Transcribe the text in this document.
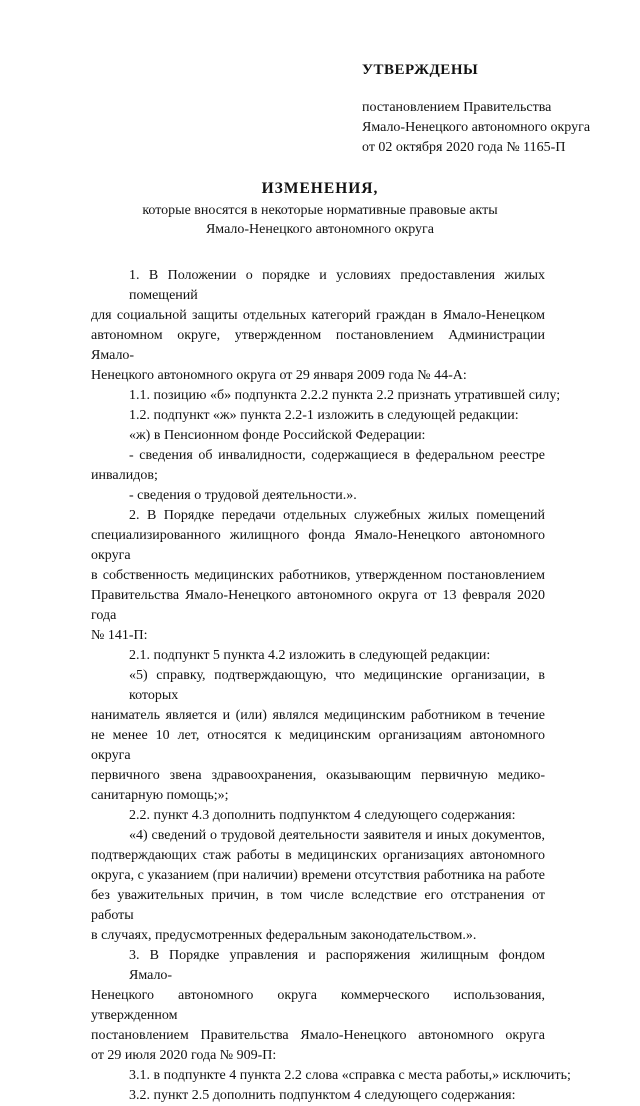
УТВЕРЖДЕНЫ
постановлением Правительства
Ямало-Ненецкого автономного округа
от 02 октября 2020 года № 1165-П
ИЗМЕНЕНИЯ,
которые вносятся в некоторые нормативные правовые акты
Ямало-Ненецкого автономного округа
1. В Положении о порядке и условиях предоставления жилых помещений
для социальной защиты отдельных категорий граждан в Ямало-Ненецком
автономном округе, утвержденном постановлением Администрации Ямало-
Ненецкого автономного округа от 29 января 2009 года № 44-А:
1.1. позицию «б» подпункта 2.2.2 пункта 2.2 признать утратившей силу;
1.2. подпункт «ж» пункта 2.2-1 изложить в следующей редакции:
«ж) в Пенсионном фонде Российской Федерации:
- сведения об инвалидности, содержащиеся в федеральном реестре
инвалидов;
- сведения о трудовой деятельности.».
2. В Порядке передачи отдельных служебных жилых помещений
специализированного жилищного фонда Ямало-Ненецкого автономного округа
в собственность медицинских работников, утвержденном постановлением
Правительства Ямало-Ненецкого автономного округа от 13 февраля 2020 года
№ 141-П:
2.1. подпункт 5 пункта 4.2 изложить в следующей редакции:
«5) справку, подтверждающую, что медицинские организации, в которых
наниматель является и (или) являлся медицинским работником в течение
не менее 10 лет, относятся к медицинским организациям автономного округа
первичного звена здравоохранения, оказывающим первичную медико-
санитарную помощь;»;
2.2. пункт 4.3 дополнить подпунктом 4 следующего содержания:
«4) сведений о трудовой деятельности заявителя и иных документов,
подтверждающих стаж работы в медицинских организациях автономного
округа, с указанием (при наличии) времени отсутствия работника на работе
без уважительных причин, в том числе вследствие его отстранения от работы
в случаях, предусмотренных федеральным законодательством.».
3. В Порядке управления и распоряжения жилищным фондом Ямало-
Ненецкого автономного округа коммерческого использования, утвержденном
постановлением Правительства Ямало-Ненецкого автономного округа
от 29 июля 2020 года № 909-П:
3.1. в подпункте 4 пункта 2.2 слова «справка с места работы,» исключить;
3.2. пункт 2.5 дополнить подпунктом 4 следующего содержания:
